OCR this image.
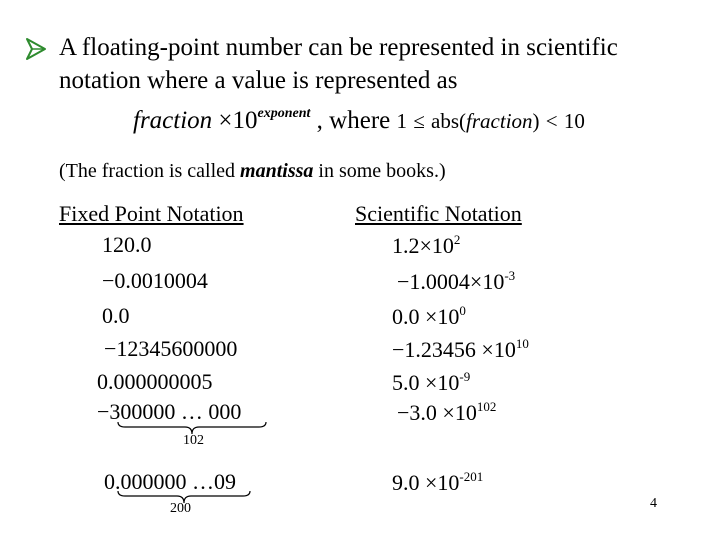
A floating-point number can be represented in scientific
notation where a value is represented as
fraction $\times 10^{exponent}$ , where 1 ≤ abs(fraction) < 10
(The fraction is called mantissa in some books.)
Fixed Point Notation	Scientific Notation
120.0
−0.0010004
0.0
−12345600000
0.000000005
−300000 … 000
0.000000 …09
102
200
$1.2\times 10^2$
$-1.0004\times 10^{-3}$
$0.0 \times 10^0$
$-1.23456 \times 10^{10}$
$5.0 \times 10^{-9}$
$-3.0 \times 10^{102}$
$9.0 \times 10^{-201}$
4
